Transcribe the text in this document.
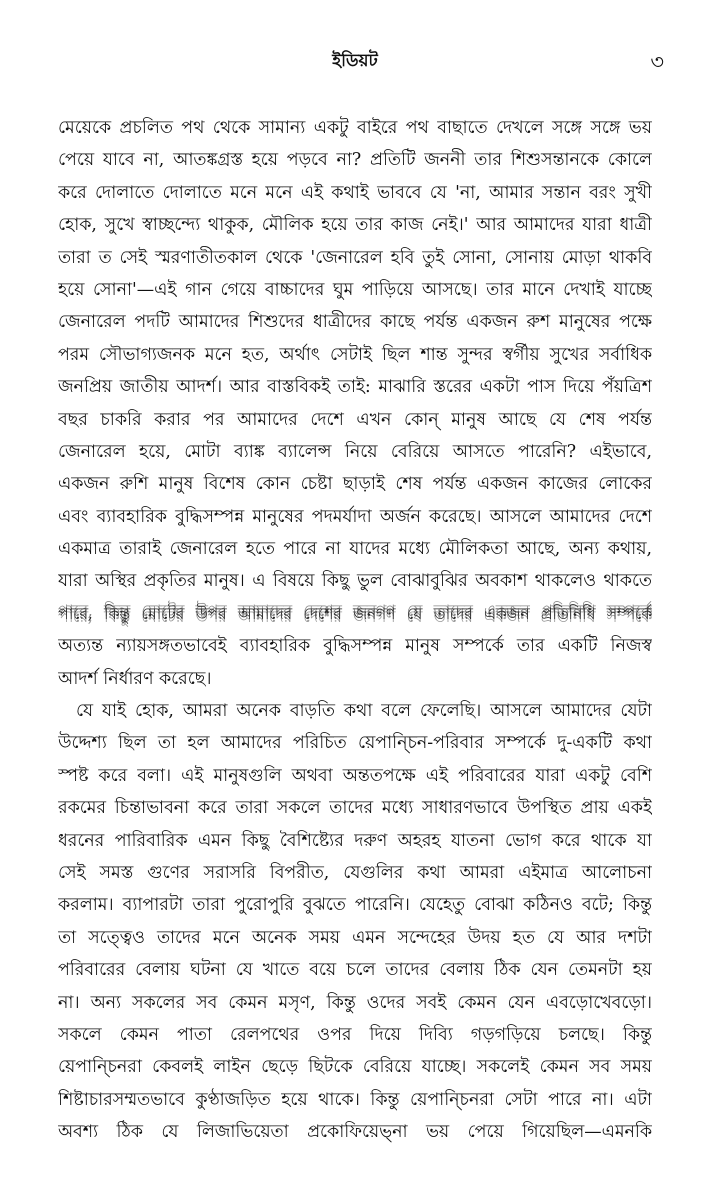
ইডিয়ট	৩
মেয়েকে প্রচলিত পথ থেকে সামান্য একটু বাইরে পথ বাছাতে দেখলে সঙ্গে সঙ্গে ভয়
পেয়ে যাবে না, আতঙ্কগ্রস্ত হয়ে পড়বে না? প্রতিটি জননী তার শিশুসন্তানকে কোলে
করে দোলাতে দোলাতে মনে মনে এই কথাই ভাববে যে 'না, আমার সন্তান বরং সুখী
হোক, সুখে স্বাচ্ছন্দ্যে থাকুক, মৌলিক হয়ে তার কাজ নেই।' আর আমাদের যারা ধাত্রী
তারা ত সেই স্মরণাতীতকাল থেকে 'জেনারেল হবি তুই সোনা, সোনায় মোড়া থাকবি
হয়ে সোনা'—এই গান গেয়ে বাচ্চাদের ঘুম পাড়িয়ে আসছে। তার মানে দেখাই যাচ্ছে
জেনারেল পদটি আমাদের শিশুদের ধাত্রীদের কাছে পর্যন্ত একজন রুশ মানুষের পক্ষে
পরম সৌভাগ্যজনক মনে হত, অর্থাৎ সেটাই ছিল শান্ত সুন্দর স্বর্গীয় সুখের সর্বাধিক
জনপ্রিয় জাতীয় আদর্শ। আর বাস্তবিকই তাই: মাঝারি স্তরের একটা পাস দিয়ে পঁয়ত্রিশ
বছর চাকরি করার পর আমাদের দেশে এখন কোন্ মানুষ আছে যে শেষ পর্যন্ত
জেনারেল হয়ে, মোটা ব্যাঙ্ক ব্যালেন্স নিয়ে বেরিয়ে আসতে পারেনি? এইভাবে,
একজন রুশি মানুষ বিশেষ কোন চেষ্টা ছাড়াই শেষ পর্যন্ত একজন কাজের লোকের
এবং ব্যাবহারিক বুদ্ধিসম্পন্ন মানুষের পদমর্যাদা অর্জন করেছে। আসলে আমাদের দেশে
একমাত্র তারাই জেনারেল হতে পারে না যাদের মধ্যে মৌলিকতা আছে, অন্য কথায়,
যারা অস্থির প্রকৃতির মানুষ। এ বিষয়ে কিছু ভুল বোঝাবুঝির অবকাশ থাকলেও থাকতে
পারে, কিন্তু মোটের উপর আমাদের দেশের জনগণ যে তাদের একজন প্রতিনিধি সম্পর্কে
অত্যন্ত ন্যায়সঙ্গতভাবেই ব্যাবহারিক বুদ্ধিসম্পন্ন মানুষ সম্পর্কে তার একটি নিজস্ব
আদর্শ নির্ধারণ করেছে।
যে যাই হোক, আমরা অনেক বাড়তি কথা বলে ফেলেছি। আসলে আমাদের যেটা
উদ্দেশ্য ছিল তা হল আমাদের পরিচিত য়েপান্চিন-পরিবার সম্পর্কে দু-একটি কথা
স্পষ্ট করে বলা। এই মানুষগুলি অথবা অন্ততপক্ষে এই পরিবারের যারা একটু বেশি
রকমের চিন্তাভাবনা করে তারা সকলে তাদের মধ্যে সাধারণভাবে উপস্থিত প্রায় একই
ধরনের পারিবারিক এমন কিছু বৈশিষ্ট্যের দরুণ অহরহ যাতনা ভোগ করে থাকে যা
সেই সমস্ত গুণের সরাসরি বিপরীত, যেগুলির কথা আমরা এইমাত্র আলোচনা
করলাম। ব্যাপারটা তারা পুরোপুরি বুঝতে পারেনি। যেহেতু বোঝা কঠিনও বটে; কিন্তু
তা সত্ত্বেও তাদের মনে অনেক সময় এমন সন্দেহের উদয় হত যে আর দশটা
পরিবারের বেলায় ঘটনা যে খাতে বয়ে চলে তাদের বেলায় ঠিক যেন তেমনটা হয়
না। অন্য সকলের সব কেমন মসৃণ, কিন্তু ওদের সবই কেমন যেন এবড়োখেবড়ো।
সকলে কেমন পাতা রেলপথের ওপর দিয়ে দিব্যি গড়গড়িয়ে চলছে। কিন্তু
য়েপান্চিনরা কেবলই লাইন ছেড়ে ছিটকে বেরিয়ে যাচ্ছে। সকলেই কেমন সব সময়
শিষ্টাচারসম্মতভাবে কুণ্ঠাজড়িত হয়ে থাকে। কিন্তু য়েপান্চিনরা সেটা পারে না। এটা
অবশ্য ঠিক যে লিজাভিয়েতা প্রকোফিয়েভ্না ভয় পেয়ে গিয়েছিল—এমনকি
